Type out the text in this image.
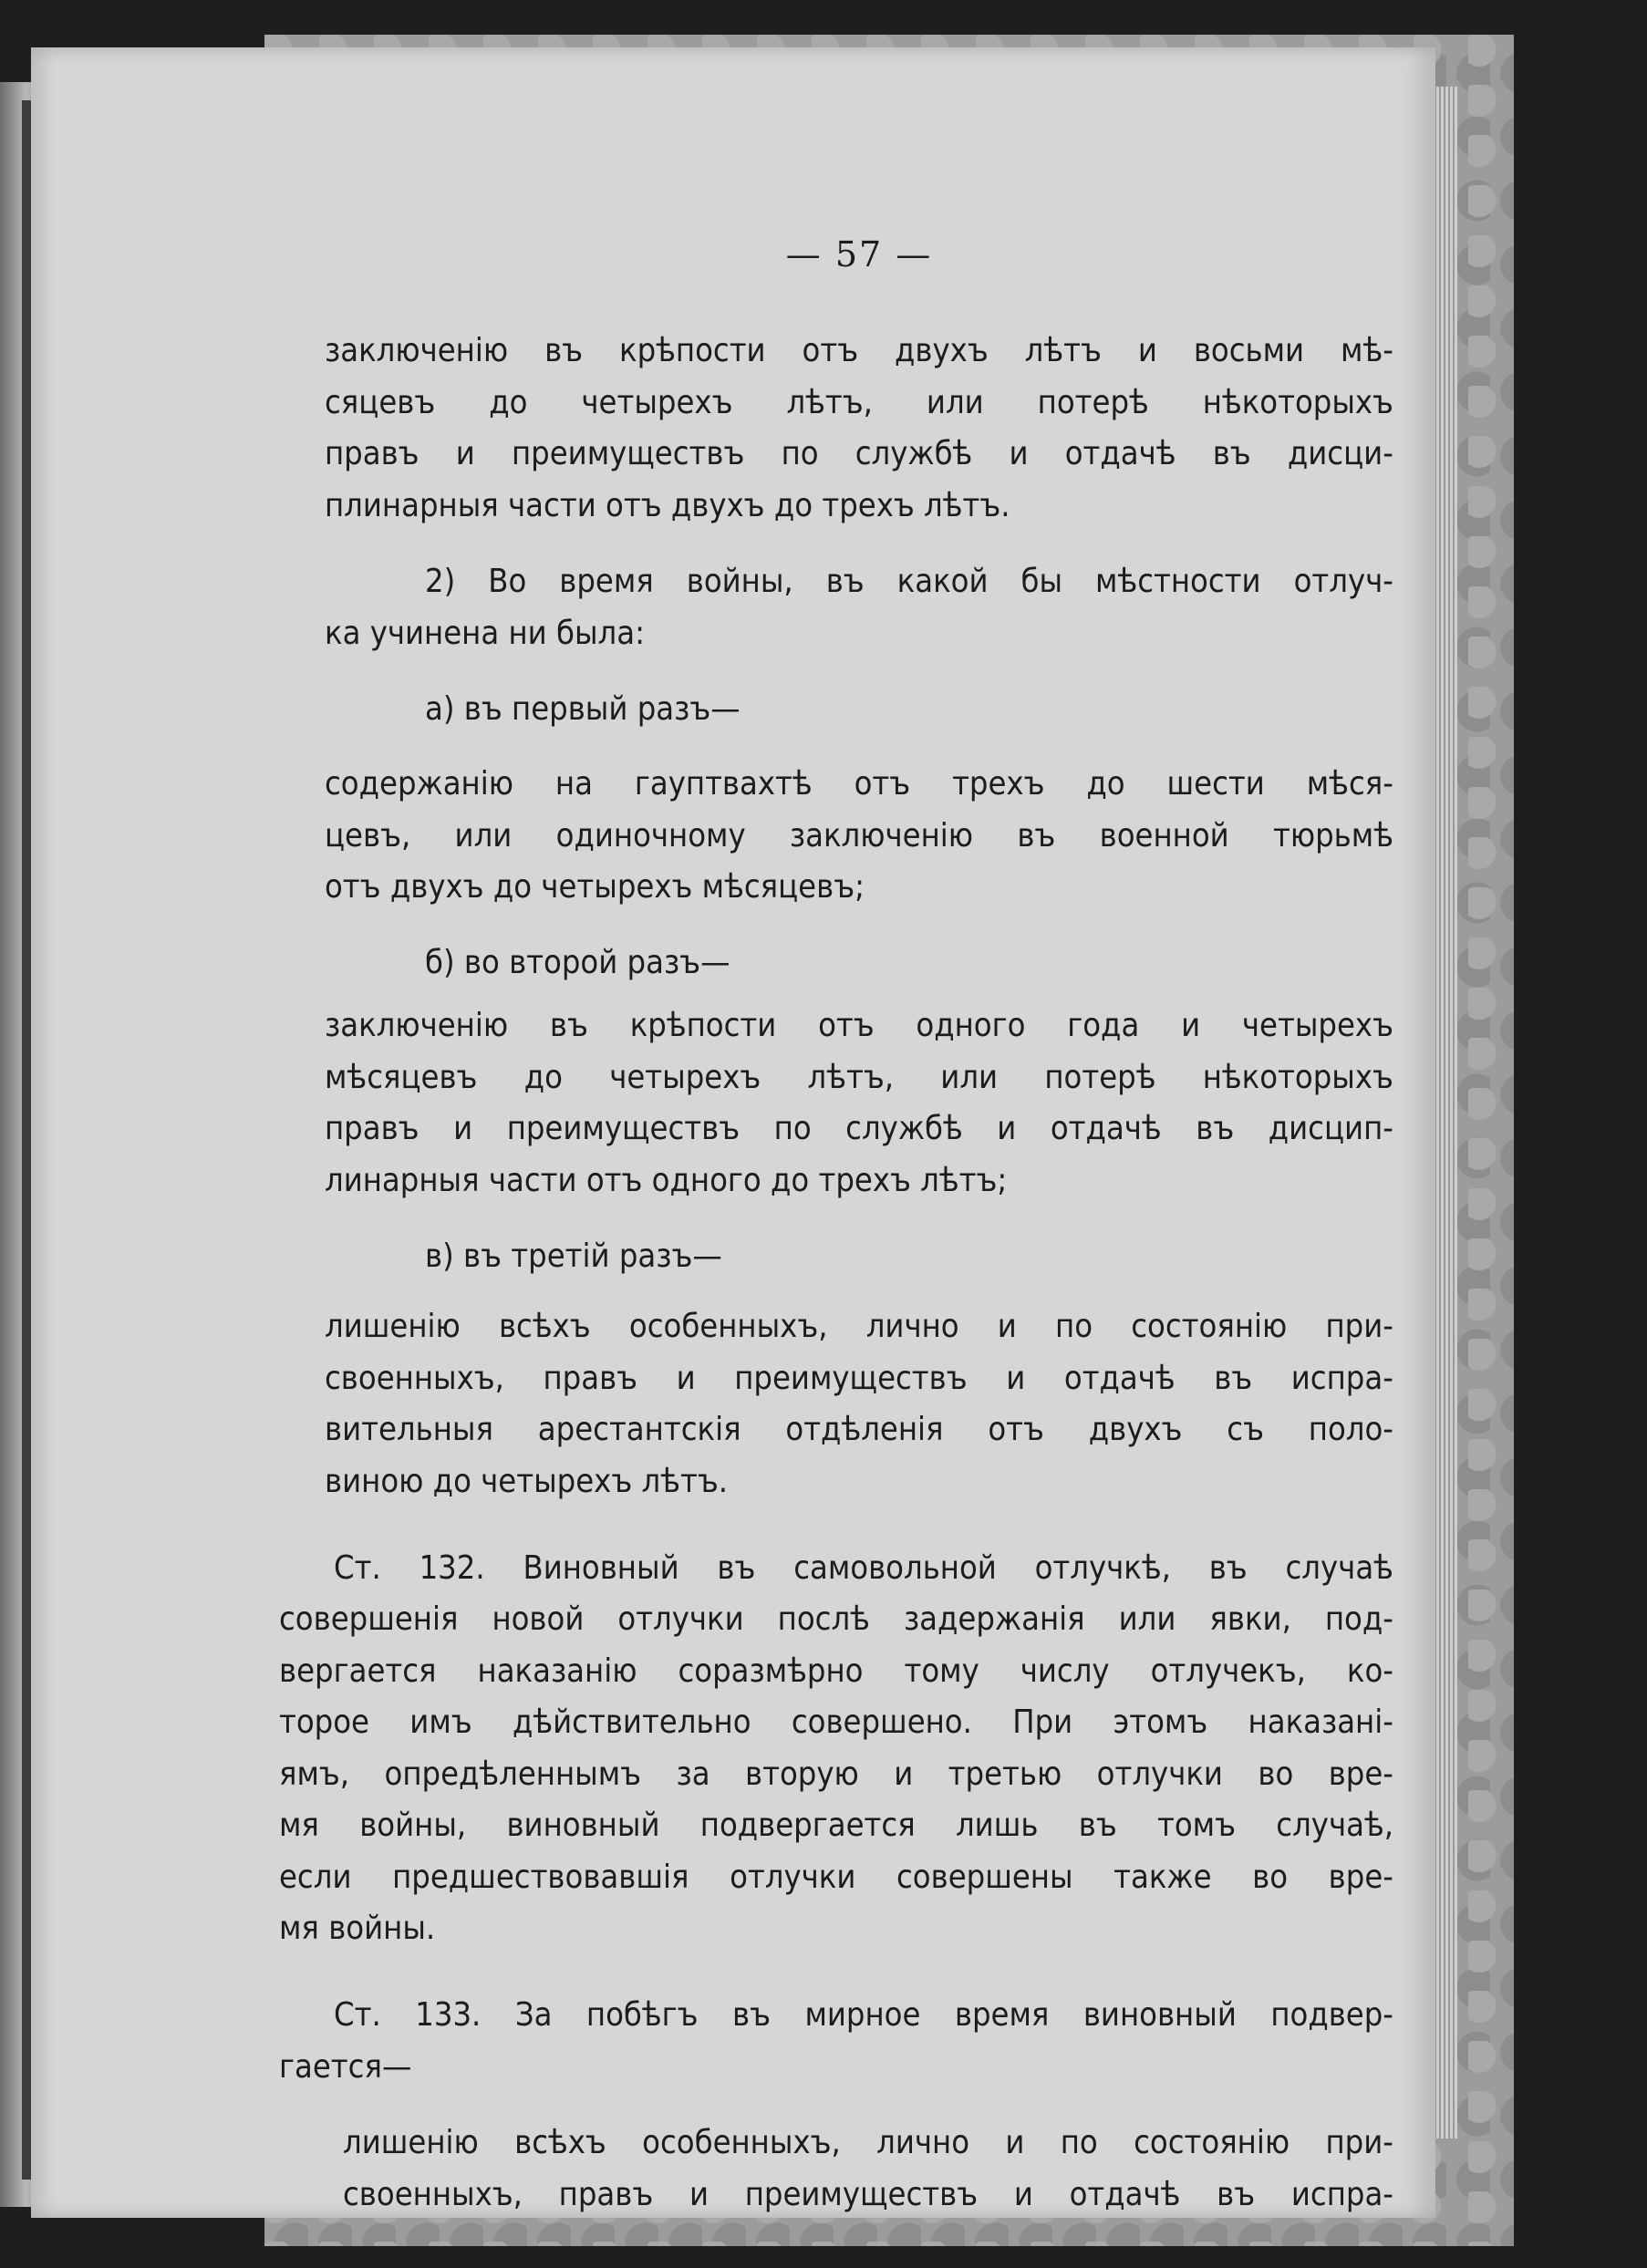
— 57 —
заключенію въ крѣпости отъ двухъ лѣтъ и восьми мѣ-
сяцевъ до четырехъ лѣтъ, или потерѣ нѣкоторыхъ
правъ и преимуществъ по службѣ и отдачѣ въ дисци-
плинарныя части отъ двухъ до трехъ лѣтъ.
2) Во время войны, въ какой бы мѣстности отлуч-
ка учинена ни была:
а) въ первый разъ—
содержанію на гауптвахтѣ отъ трехъ до шести мѣся-
цевъ, или одиночному заключенію въ военной тюрьмѣ
отъ двухъ до четырехъ мѣсяцевъ;
б) во второй разъ—
заключенію въ крѣпости отъ одного года и четырехъ
мѣсяцевъ до четырехъ лѣтъ, или потерѣ нѣкоторыхъ
правъ и преимуществъ по службѣ и отдачѣ въ дисцип-
линарныя части отъ одного до трехъ лѣтъ;
в) въ третій разъ—
лишенію всѣхъ особенныхъ, лично и по состоянію при-
своенныхъ, правъ и преимуществъ и отдачѣ въ испра-
вительныя арестантскія отдѣленія отъ двухъ съ поло-
виною до четырехъ лѣтъ.
Ст. 132. Виновный въ самовольной отлучкѣ, въ случаѣ
совершенія новой отлучки послѣ задержанія или явки, под-
вергается наказанію соразмѣрно тому числу отлучекъ, ко-
торое имъ дѣйствительно совершено. При этомъ наказані-
ямъ, опредѣленнымъ за вторую и третью отлучки во вре-
мя войны, виновный подвергается лишь въ томъ случаѣ,
если предшествовавшія отлучки совершены также во вре-
мя войны.
Ст. 133. За побѣгъ въ мирное время виновный подвер-
гается—
лишенію всѣхъ особенныхъ, лично и по состоянію при-
своенныхъ, правъ и преимуществъ и отдачѣ въ испра-
